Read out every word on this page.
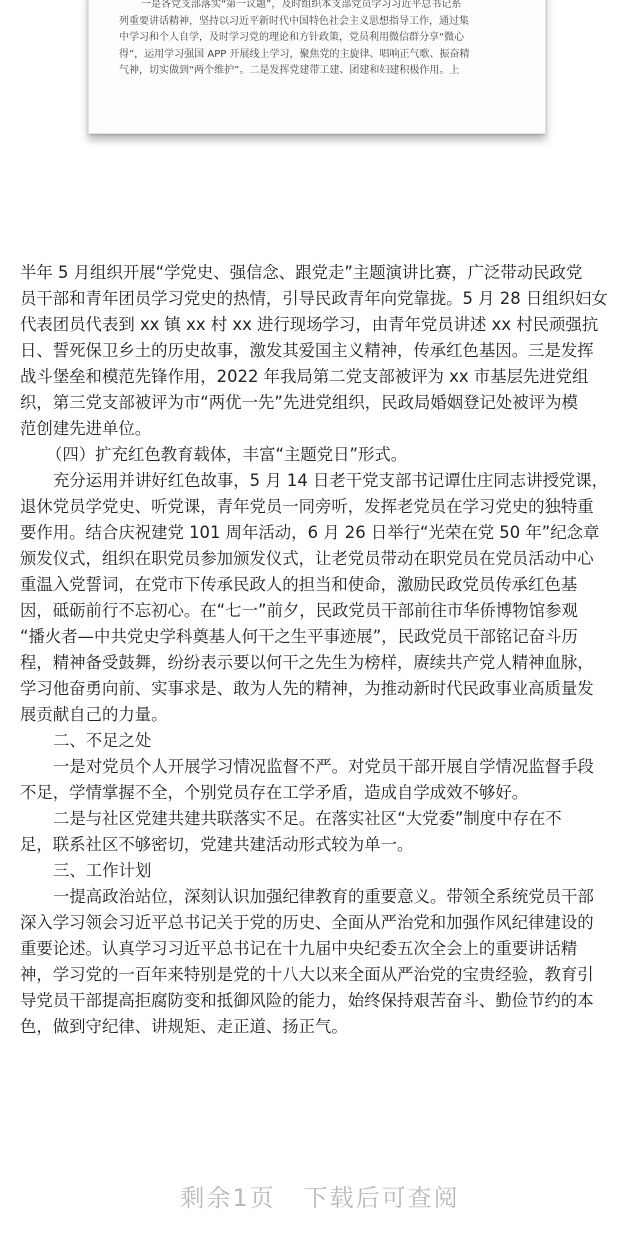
一是各党支部落实“第一议题”，及时组织本支部党员学习习近平总书记系
列重要讲话精神，坚持以习近平新时代中国特色社会主义思想指导工作，通过集
中学习和个人自学，及时学习党的理论和方针政策，党员利用微信群分享“微心
得”，运用学习强国 APP 开展线上学习，聚焦党的主旋律、唱响正气歌、振奋精
气神，切实做到“两个维护”。二是发挥党建带工建、团建和妇建积极作用。上
半年 5 月组织开展“学党史、强信念、跟党走”主题演讲比赛，广泛带动民政党
员干部和青年团员学习党史的热情，引导民政青年向党靠拢。5 月 28 日组织妇女
代表团员代表到 xx 镇 xx 村 xx 进行现场学习，由青年党员讲述 xx 村民顽强抗
日、誓死保卫乡土的历史故事，激发其爱国主义精神，传承红色基因。三是发挥
战斗堡垒和模范先锋作用，2022 年我局第二党支部被评为 xx 市基层先进党组
织，第三党支部被评为市“两优一先”先进党组织，民政局婚姻登记处被评为模
范创建先进单位。
（四）扩充红色教育载体，丰富“主题党日”形式。
充分运用并讲好红色故事，5 月 14 日老干党支部书记谭仕庄同志讲授党课，
退休党员学党史、听党课，青年党员一同旁听，发挥老党员在学习党史的独特重
要作用。结合庆祝建党 101 周年活动，6 月 26 日举行“光荣在党 50 年”纪念章
颁发仪式，组织在职党员参加颁发仪式，让老党员带动在职党员在党员活动中心
重温入党誓词，在党市下传承民政人的担当和使命，激励民政党员传承红色基
因，砥砺前行不忘初心。在“七一”前夕，民政党员干部前往市华侨博物馆参观
“播火者—中共党史学科奠基人何干之生平事迹展”，民政党员干部铭记奋斗历
程，精神备受鼓舞，纷纷表示要以何干之先生为榜样，赓续共产党人精神血脉，
学习他奋勇向前、实事求是、敢为人先的精神，为推动新时代民政事业高质量发
展贡献自己的力量。
二、不足之处
一是对党员个人开展学习情况监督不严。对党员干部开展自学情况监督手段
不足，学情掌握不全，个别党员存在工学矛盾，造成自学成效不够好。
二是与社区党建共建共联落实不足。在落实社区“大党委”制度中存在不
足，联系社区不够密切，党建共建活动形式较为单一。
三、工作计划
一提高政治站位，深刻认识加强纪律教育的重要意义。带领全系统党员干部
深入学习领会习近平总书记关于党的历史、全面从严治党和加强作风纪律建设的
重要论述。认真学习习近平总书记在十九届中央纪委五次全会上的重要讲话精
神，学习党的一百年来特别是党的十八大以来全面从严治党的宝贵经验，教育引
导党员干部提高拒腐防变和抵御风险的能力，始终保持艰苦奋斗、勤俭节约的本
色，做到守纪律、讲规矩、走正道、扬正气。
剩余1页 下载后可查阅
